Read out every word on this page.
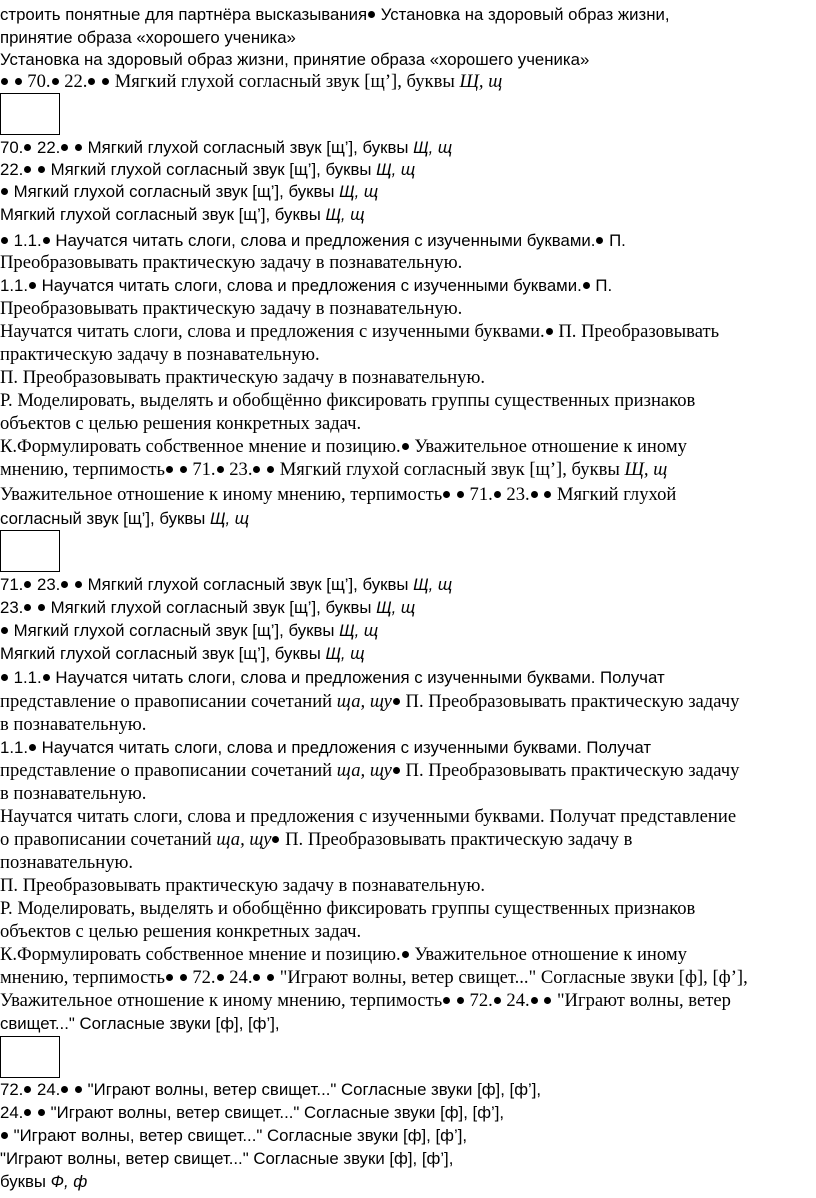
строить понятные для партнёра высказывания Установка на здоровый образ жизни,
принятие образа «хорошего ученика»
Установка на здоровый образ жизни, принятие образа «хорошего ученика»
70. 22.  Мягкий глухой согласный звук [щ’], буквы Щ, щ
70. 22.  Мягкий глухой согласный звук [щ’], буквы Щ, щ
22.  Мягкий глухой согласный звук [щ’], буквы Щ, щ
Мягкий глухой согласный звук [щ’], буквы Щ, щ
Мягкий глухой согласный звук [щ’], буквы Щ, щ
1.1. Научатся читать слоги, слова и предложения с изученными буквами. П.
Преобразовывать практическую задачу в познавательную.
1.1. Научатся читать слоги, слова и предложения с изученными буквами. П.
Преобразовывать практическую задачу в познавательную.
Научатся читать слоги, слова и предложения с изученными буквами. П. Преобразовывать
практическую задачу в познавательную.
П. Преобразовывать практическую задачу в познавательную.
Р. Моделировать, выделять и обобщённо фиксировать группы существенных признаков
объектов с целью решения конкретных задач.
К.Формулировать собственное мнение и позицию. Уважительное отношение к иному
мнению, терпимость  71. 23.  Мягкий глухой согласный звук [щ’], буквы Щ, щ
Уважительное отношение к иному мнению, терпимость  71. 23.  Мягкий глухой
согласный звук [щ’], буквы Щ, щ
71. 23.  Мягкий глухой согласный звук [щ’], буквы Щ, щ
23.  Мягкий глухой согласный звук [щ’], буквы Щ, щ
Мягкий глухой согласный звук [щ’], буквы Щ, щ
Мягкий глухой согласный звук [щ’], буквы Щ, щ
1.1. Научатся читать слоги, слова и предложения с изученными буквами. Получат
представление о правописании сочетаний ща, щу П. Преобразовывать практическую задачу
в познавательную.
1.1. Научатся читать слоги, слова и предложения с изученными буквами. Получат
представление о правописании сочетаний ща, щу П. Преобразовывать практическую задачу
в познавательную.
Научатся читать слоги, слова и предложения с изученными буквами. Получат представление
о правописании сочетаний ща, щу П. Преобразовывать практическую задачу в
познавательную.
П. Преобразовывать практическую задачу в познавательную.
Р. Моделировать, выделять и обобщённо фиксировать группы существенных признаков
объектов с целью решения конкретных задач.
К.Формулировать собственное мнение и позицию. Уважительное отношение к иному
мнению, терпимость  72. 24.  "Играют волны, ветер свищет..." Согласные звуки [ф], [ф’],
Уважительное отношение к иному мнению, терпимость  72. 24.  "Играют волны, ветер
свищет..." Согласные звуки [ф], [ф’],
72. 24.  "Играют волны, ветер свищет..." Согласные звуки [ф], [ф’],
24.  "Играют волны, ветер свищет..." Согласные звуки [ф], [ф’],
"Играют волны, ветер свищет..." Согласные звуки [ф], [ф’],
"Играют волны, ветер свищет..." Согласные звуки [ф], [ф’],
буквы Ф, ф
